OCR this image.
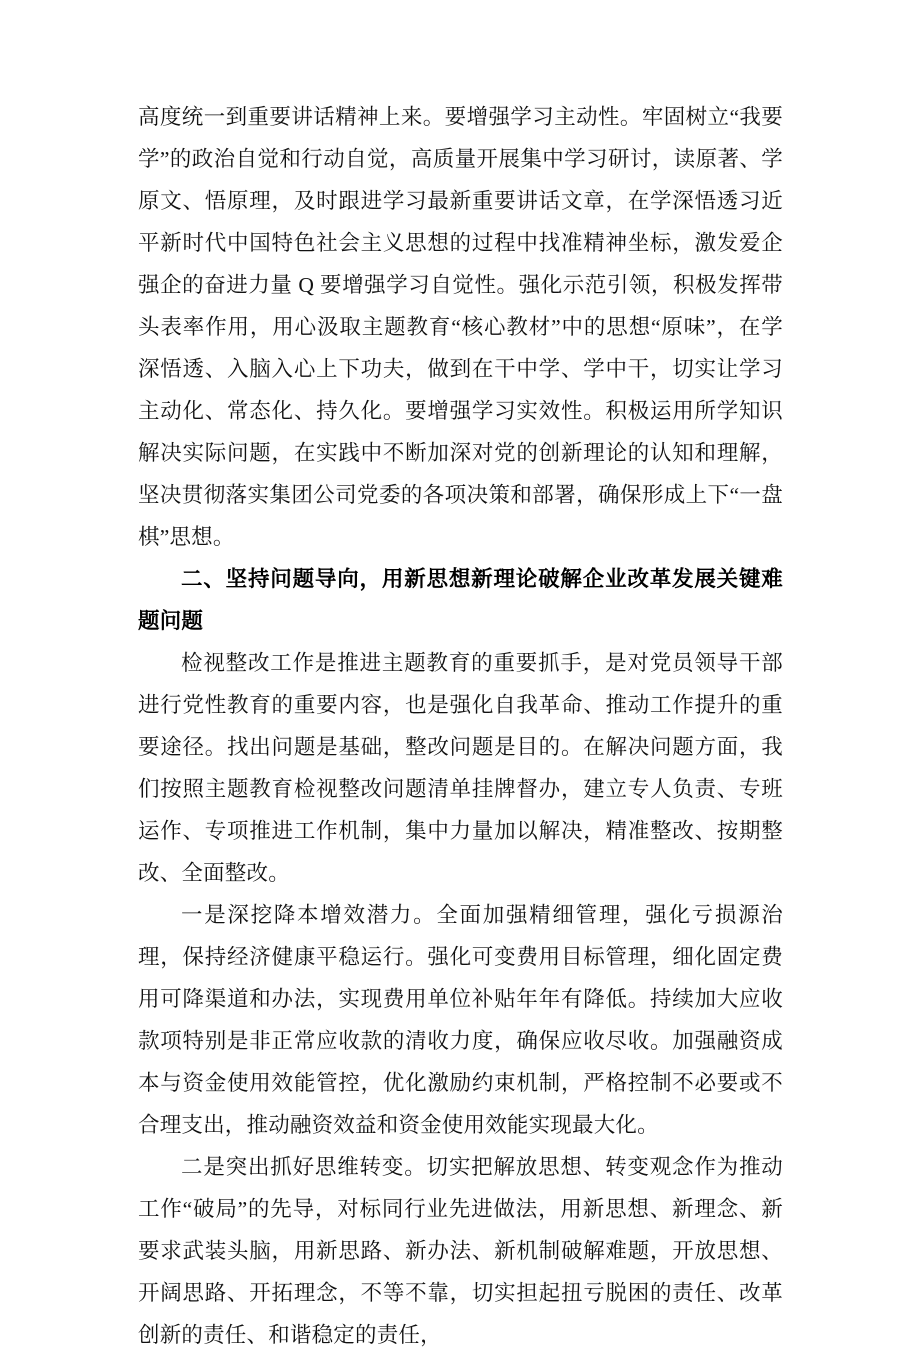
高度统一到重要讲话精神上来。要增强学习主动性。牢固树立“我要学”的政治自觉和行动自觉，高质量开展集中学习研讨，读原著、学原文、悟原理，及时跟进学习最新重要讲话文章，在学深悟透习近平新时代中国特色社会主义思想的过程中找准精神坐标，激发爱企强企的奋进力量 Q 要增强学习自觉性。强化示范引领，积极发挥带头表率作用，用心汲取主题教育“核心教材”中的思想“原味”，在学深悟透、入脑入心上下功夫，做到在干中学、学中干，切实让学习主动化、常态化、持久化。要增强学习实效性。积极运用所学知识解决实际问题，在实践中不断加深对党的创新理论的认知和理解，坚决贯彻落实集团公司党委的各项决策和部署，确保形成上下“一盘棋”思想。

二、坚持问题导向，用新思想新理论破解企业改革发展关键难题问题

检视整改工作是推进主题教育的重要抓手，是对党员领导干部进行党性教育的重要内容，也是强化自我革命、推动工作提升的重要途径。找出问题是基础，整改问题是目的。在解决问题方面，我们按照主题教育检视整改问题清单挂牌督办，建立专人负责、专班运作、专项推进工作机制，集中力量加以解决，精准整改、按期整改、全面整改。

一是深挖降本增效潜力。全面加强精细管理，强化亏损源治理，保持经济健康平稳运行。强化可变费用目标管理，细化固定费用可降渠道和办法，实现费用单位补贴年年有降低。持续加大应收款项特别是非正常应收款的清收力度，确保应收尽收。加强融资成本与资金使用效能管控，优化激励约束机制，严格控制不必要或不合理支出，推动融资效益和资金使用效能实现最大化。

二是突出抓好思维转变。切实把解放思想、转变观念作为推动工作“破局”的先导，对标同行业先进做法，用新思想、新理念、新要求武装头脑，用新思路、新办法、新机制破解难题，开放思想、开阔思路、开拓理念，不等不靠，切实担起扭亏脱困的责任、改革创新的责任、和谐稳定的责任，
